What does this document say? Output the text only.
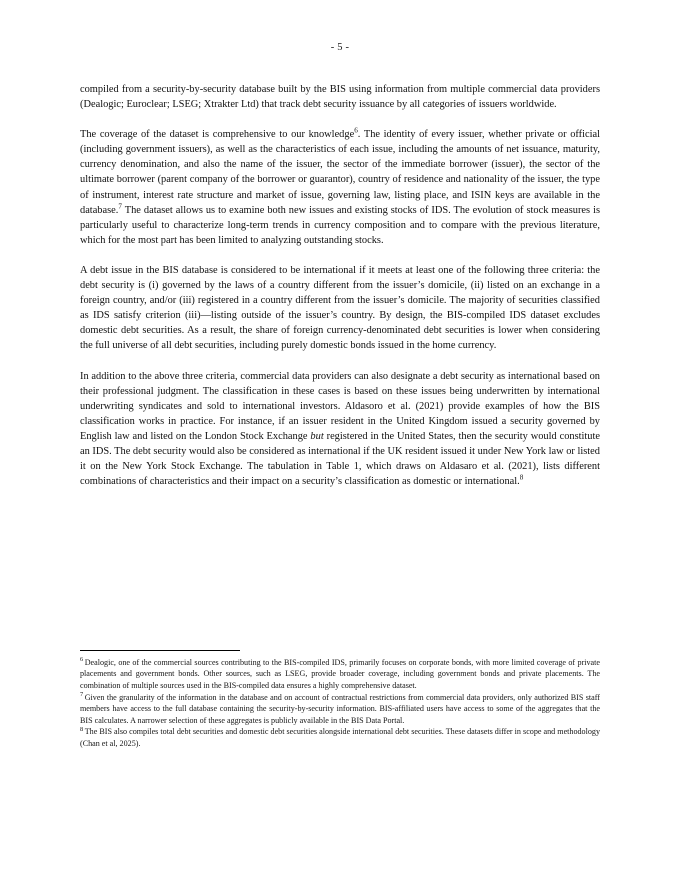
- 5 -

compiled from a security-by-security database built by the BIS using information from multiple commercial data providers (Dealogic; Euroclear; LSEG; Xtrakter Ltd) that track debt security issuance by all categories of issuers worldwide.

The coverage of the dataset is comprehensive to our knowledge$^6$. The identity of every issuer, whether private or official (including government issuers), as well as the characteristics of each issue, including the amounts of net issuance, maturity, currency denomination, and also the name of the issuer, the sector of the immediate borrower (issuer), the sector of the ultimate borrower (parent company of the borrower or guarantor), country of residence and nationality of the issuer, the type of instrument, interest rate structure and market of issue, governing law, listing place, and ISIN keys are available in the database.$^7$ The dataset allows us to examine both new issues and existing stocks of IDS. The evolution of stock measures is particularly useful to characterize long-term trends in currency composition and to compare with the previous literature, which for the most part has been limited to analyzing outstanding stocks.

A debt issue in the BIS database is considered to be international if it meets at least one of the following three criteria: the debt security is (i) governed by the laws of a country different from the issuer’s domicile, (ii) listed on an exchange in a foreign country, and/or (iii) registered in a country different from the issuer’s domicile. The majority of securities classified as IDS satisfy criterion (iii)—listing outside of the issuer’s country. By design, the BIS-compiled IDS dataset excludes domestic debt securities. As a result, the share of foreign currency-denominated debt securities is lower when considering the full universe of all debt securities, including purely domestic bonds issued in the home currency.

In addition to the above three criteria, commercial data providers can also designate a debt security as international based on their professional judgment. The classification in these cases is based on these issues being underwritten by international underwriting syndicates and sold to international investors. Aldasoro et al. (2021) provide examples of how the BIS classification works in practice. For instance, if an issuer resident in the United Kingdom issued a security governed by English law and listed on the London Stock Exchange but registered in the United States, then the security would constitute an IDS. The debt security would also be considered as international if the UK resident issued it under New York law or listed it on the New York Stock Exchange. The tabulation in Table 1, which draws on Aldasaro et al. (2021), lists different combinations of characteristics and their impact on a security’s classification as domestic or international.$^8$

$^6$ Dealogic, one of the commercial sources contributing to the BIS-compiled IDS, primarily focuses on corporate bonds, with more limited coverage of private placements and government bonds. Other sources, such as LSEG, provide broader coverage, including government bonds and private placements. The combination of multiple sources used in the BIS-compiled data ensures a highly comprehensive dataset.

$^7$ Given the granularity of the information in the database and on account of contractual restrictions from commercial data providers, only authorized BIS staff members have access to the full database containing the security-by-security information. BIS-affiliated users have access to some of the aggregates that the BIS calculates. A narrower selection of these aggregates is publicly available in the BIS Data Portal.

$^8$ The BIS also compiles total debt securities and domestic debt securities alongside international debt securities. These datasets differ in scope and methodology (Chan et al, 2025).
